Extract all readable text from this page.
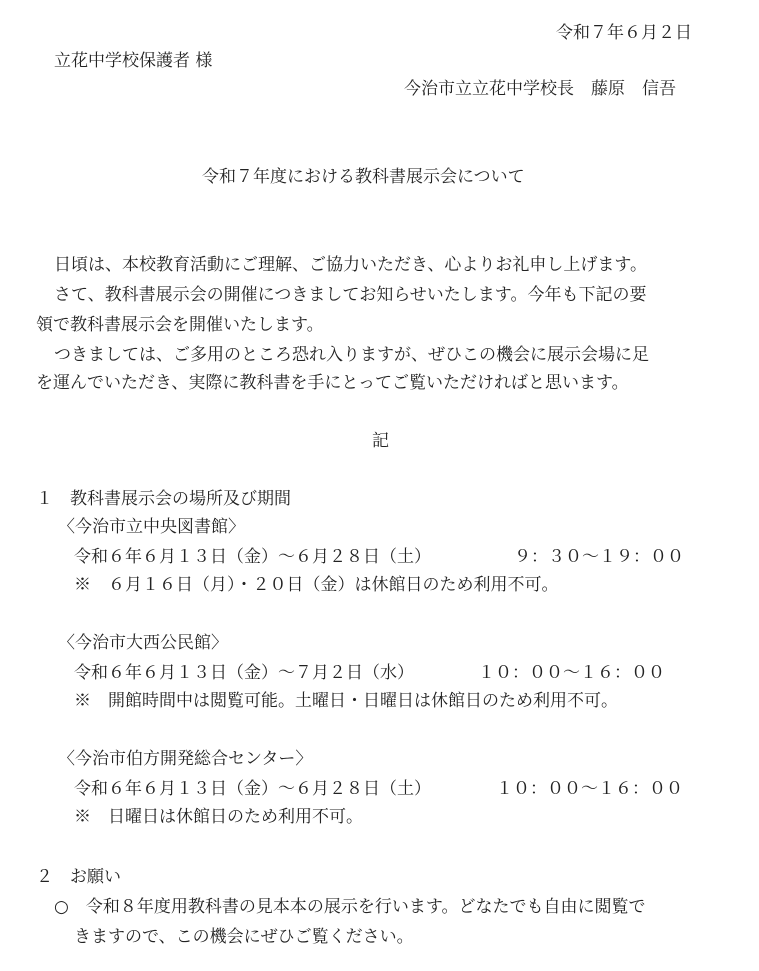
令和７年６月２日
立花中学校保護者 様
今治市立立花中学校長　藤原　信吾
令和７年度における教科書展示会について
日頃は、本校教育活動にご理解、ご協力いただき、心よりお礼申し上げます。
さて、教科書展示会の開催につきましてお知らせいたします。今年も下記の要
領で教科書展示会を開催いたします。
つきましては、ご多用のところ恐れ入りますが、ぜひこの機会に展示会場に足
を運んでいただき、実際に教科書を手にとってご覧いただければと思います。
記
１　教科書展示会の場所及び期間
〈今治市立中央図書館〉
令和６年６月１３日（金）～６月２８日（土）	９：３０～１９：００
※　６月１６日（月）・２０日（金）は休館日のため利用不可。
〈今治市大西公民館〉
令和６年６月１３日（金）～７月２日（水）	１０：００～１６：００
※　開館時間中は閲覧可能。土曜日・日曜日は休館日のため利用不可。
〈今治市伯方開発総合センター〉
令和６年６月１３日（金）～６月２８日（土）	１０：００～１６：００
※　日曜日は休館日のため利用不可。
２　お願い
○　令和８年度用教科書の見本本の展示を行います。どなたでも自由に閲覧で
きますので、この機会にぜひご覧ください。
